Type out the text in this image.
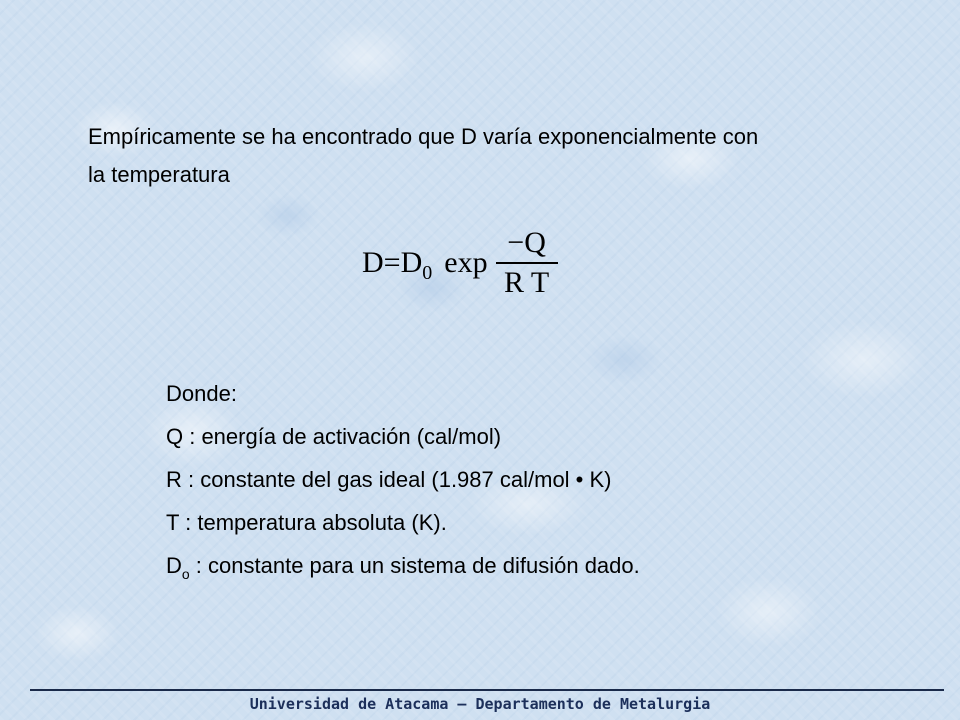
Empíricamente se ha encontrado que D varía exponencialmente con
la temperatura
D = D 0 $\exp \frac{-Q}{\text{R T}}$
Donde:
Q : energía de activación (cal/mol)
R : constante del gas ideal (1.987 cal/mol • K)
T : temperatura absoluta (K).
$D_o$ : constante para un sistema de difusión dado.
Universidad de Atacama – Departamento de Metalurgia
